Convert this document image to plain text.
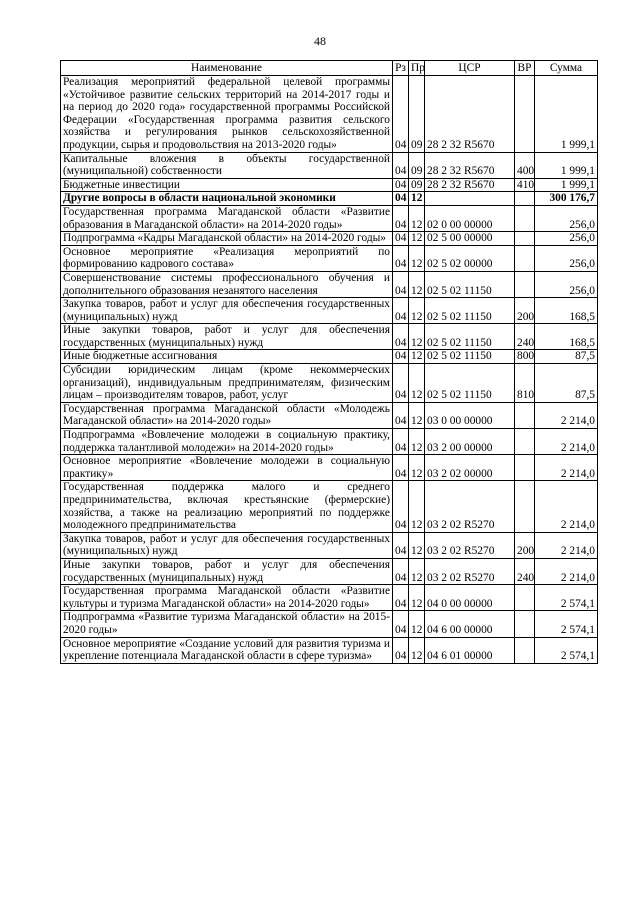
48
Наименование	Рз	Пр	ЦСР	ВР	Сумма
Реализация мероприятий федеральной целевой программы «Устойчивое развитие сельских территорий на 2014-2017 годы и на период до 2020 года» государственной программы Российской Федерации «Государственная программа развития сельского хозяйства и регулирования рынков сельскохозяйственной продукции, сырья и продовольствия на 2013-2020 годы»	04	09	28 2 32 R5670		1 999,1
Капитальные вложения в объекты государственной (муниципальной) собственности	04	09	28 2 32 R5670	400	1 999,1
Бюджетные инвестиции	04	09	28 2 32 R5670	410	1 999,1
Другие вопросы в области национальной экономики	04	12			300 176,7
Государственная программа Магаданской области «Развитие образования в Магаданской области» на 2014-2020 годы»	04	12	02 0 00 00000		256,0
Подпрограмма «Кадры Магаданской области» на 2014-2020 годы»	04	12	02 5 00 00000		256,0
Основное мероприятие «Реализация мероприятий по формированию кадрового состава»	04	12	02 5 02 00000		256,0
Совершенствование системы профессионального обучения и дополнительного образования незанятого населения	04	12	02 5 02 11150		256,0
Закупка товаров, работ и услуг для обеспечения государственных (муниципальных) нужд	04	12	02 5 02 11150	200	168,5
Иные закупки товаров, работ и услуг для обеспечения государственных (муниципальных) нужд	04	12	02 5 02 11150	240	168,5
Иные бюджетные ассигнования	04	12	02 5 02 11150	800	87,5
Субсидии юридическим лицам (кроме некоммерческих организаций), индивидуальным предпринимателям, физическим лицам – производителям товаров, работ, услуг	04	12	02 5 02 11150	810	87,5
Государственная программа Магаданской области «Молодежь Магаданской области» на 2014-2020 годы»	04	12	03 0 00 00000		2 214,0
Подпрограмма «Вовлечение молодежи в социальную практику, поддержка талантливой молодежи» на 2014-2020 годы»	04	12	03 2 00 00000		2 214,0
Основное мероприятие «Вовлечение молодежи в социальную практику»	04	12	03 2 02 00000		2 214,0
Государственная поддержка малого и среднего предпринимательства, включая крестьянские (фермерские) хозяйства, а также на реализацию мероприятий по поддержке молодежного предпринимательства	04	12	03 2 02 R5270		2 214,0
Закупка товаров, работ и услуг для обеспечения государственных (муниципальных) нужд	04	12	03 2 02 R5270	200	2 214,0
Иные закупки товаров, работ и услуг для обеспечения государственных (муниципальных) нужд	04	12	03 2 02 R5270	240	2 214,0
Государственная программа Магаданской области «Развитие культуры и туризма Магаданской области» на 2014-2020 годы»	04	12	04 0 00 00000		2 574,1
Подпрограмма «Развитие туризма Магаданской области» на 2015-2020 годы»	04	12	04 6 00 00000		2 574,1
Основное мероприятие «Создание условий для развития туризма и укрепление потенциала Магаданской области в сфере туризма»	04	12	04 6 01 00000		2 574,1
